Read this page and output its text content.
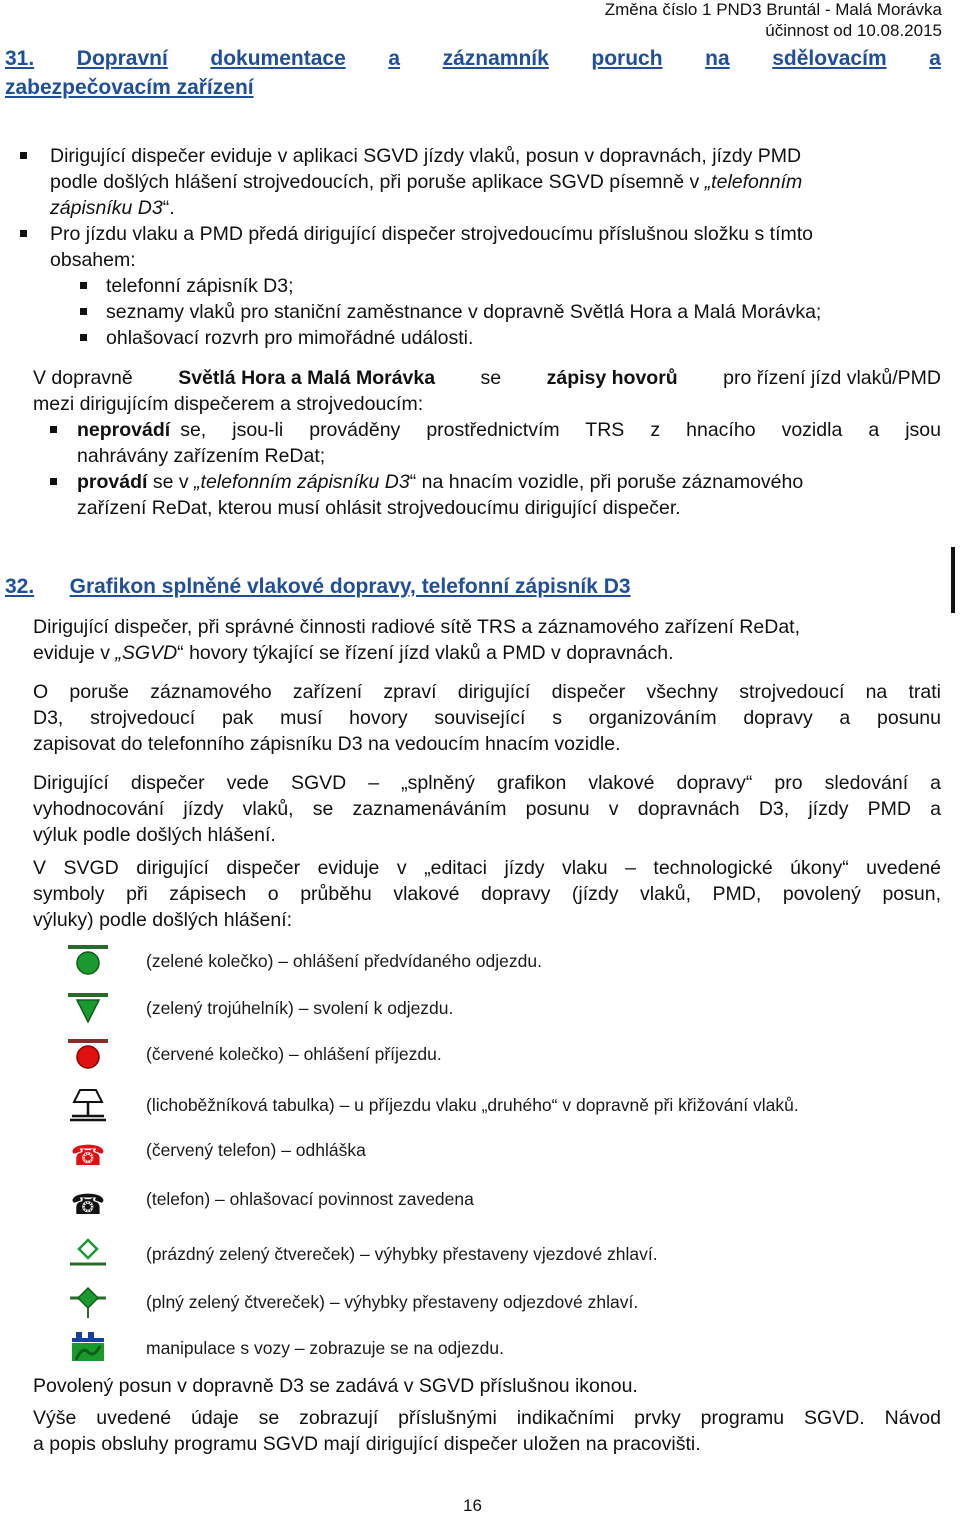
Změna číslo 1 PND3 Bruntál - Malá Morávka
účinnost od 10.08.2015
31. Dopravní dokumentace a záznamník poruch na sdělovacím a
zabezpečovacím zařízení
Dirigující dispečer eviduje v aplikaci SGVD jízdy vlaků, posun v dopravnách, jízdy PMD
podle došlých hlášení strojvedoucích, při poruše aplikace SGVD písemně v „telefonním
zápisníku D3“.
Pro jízdu vlaku a PMD předá dirigující dispečer strojvedoucímu příslušnou složku s tímto
obsahem:
telefonní zápisník D3;
seznamy vlaků pro staniční zaměstnance v dopravně Světlá Hora a Malá Morávka;
ohlašovací rozvrh pro mimořádné události.
V dopravně Světlá Hora a Malá Morávka se zápisy hovorů pro řízení jízd vlaků/PMD
mezi dirigujícím dispečerem a strojvedoucím:
neprovádí se, jsou-li prováděny prostřednictvím TRS z hnacího vozidla a jsou
nahrávány zařízením ReDat;
provádí se v „telefonním zápisníku D3“ na hnacím vozidle, při poruše záznamového
zařízení ReDat, kterou musí ohlásit strojvedoucímu dirigující dispečer.
32. Grafikon splněné vlakové dopravy, telefonní zápisník D3
Dirigující dispečer, při správné činnosti radiové sítě TRS a záznamového zařízení ReDat,
eviduje v „SGVD“ hovory týkající se řízení jízd vlaků a PMD v dopravnách.
O poruše záznamového zařízení zpraví dirigující dispečer všechny strojvedoucí na trati
D3, strojvedoucí pak musí hovory související s organizováním dopravy a posunu
zapisovat do telefonního zápisníku D3 na vedoucím hnacím vozidle.
Dirigující dispečer vede SGVD – „splněný grafikon vlakové dopravy“ pro sledování a
vyhodnocování jízdy vlaků, se zaznamenáváním posunu v dopravnách D3, jízdy PMD a
výluk podle došlých hlášení.
V SVGD dirigující dispečer eviduje v „editaci jízdy vlaku – technologické úkony“ uvedené
symboly při zápisech o průběhu vlakové dopravy (jízdy vlaků, PMD, povolený posun,
výluky) podle došlých hlášení:
☎
☎
(zelené kolečko) – ohlášení předvídaného odjezdu.
(zelený trojúhelník) – svolení k odjezdu.
(červené kolečko) – ohlášení příjezdu.
(lichoběžníková tabulka) – u příjezdu vlaku „druhého“ v dopravně při křižování vlaků.
(červený telefon) – odhláška
(telefon) – ohlašovací povinnost zavedena
(prázdný zelený čtvereček) – výhybky přestaveny vjezdové zhlaví.
(plný zelený čtvereček) – výhybky přestaveny odjezdové zhlaví.
manipulace s vozy – zobrazuje se na odjezdu.
Povolený posun v dopravně D3 se zadává v SGVD příslušnou ikonou.
Výše uvedené údaje se zobrazují příslušnými indikačními prvky programu SGVD. Návod
a popis obsluhy programu SGVD mají dirigující dispečer uložen na pracovišti.
16
